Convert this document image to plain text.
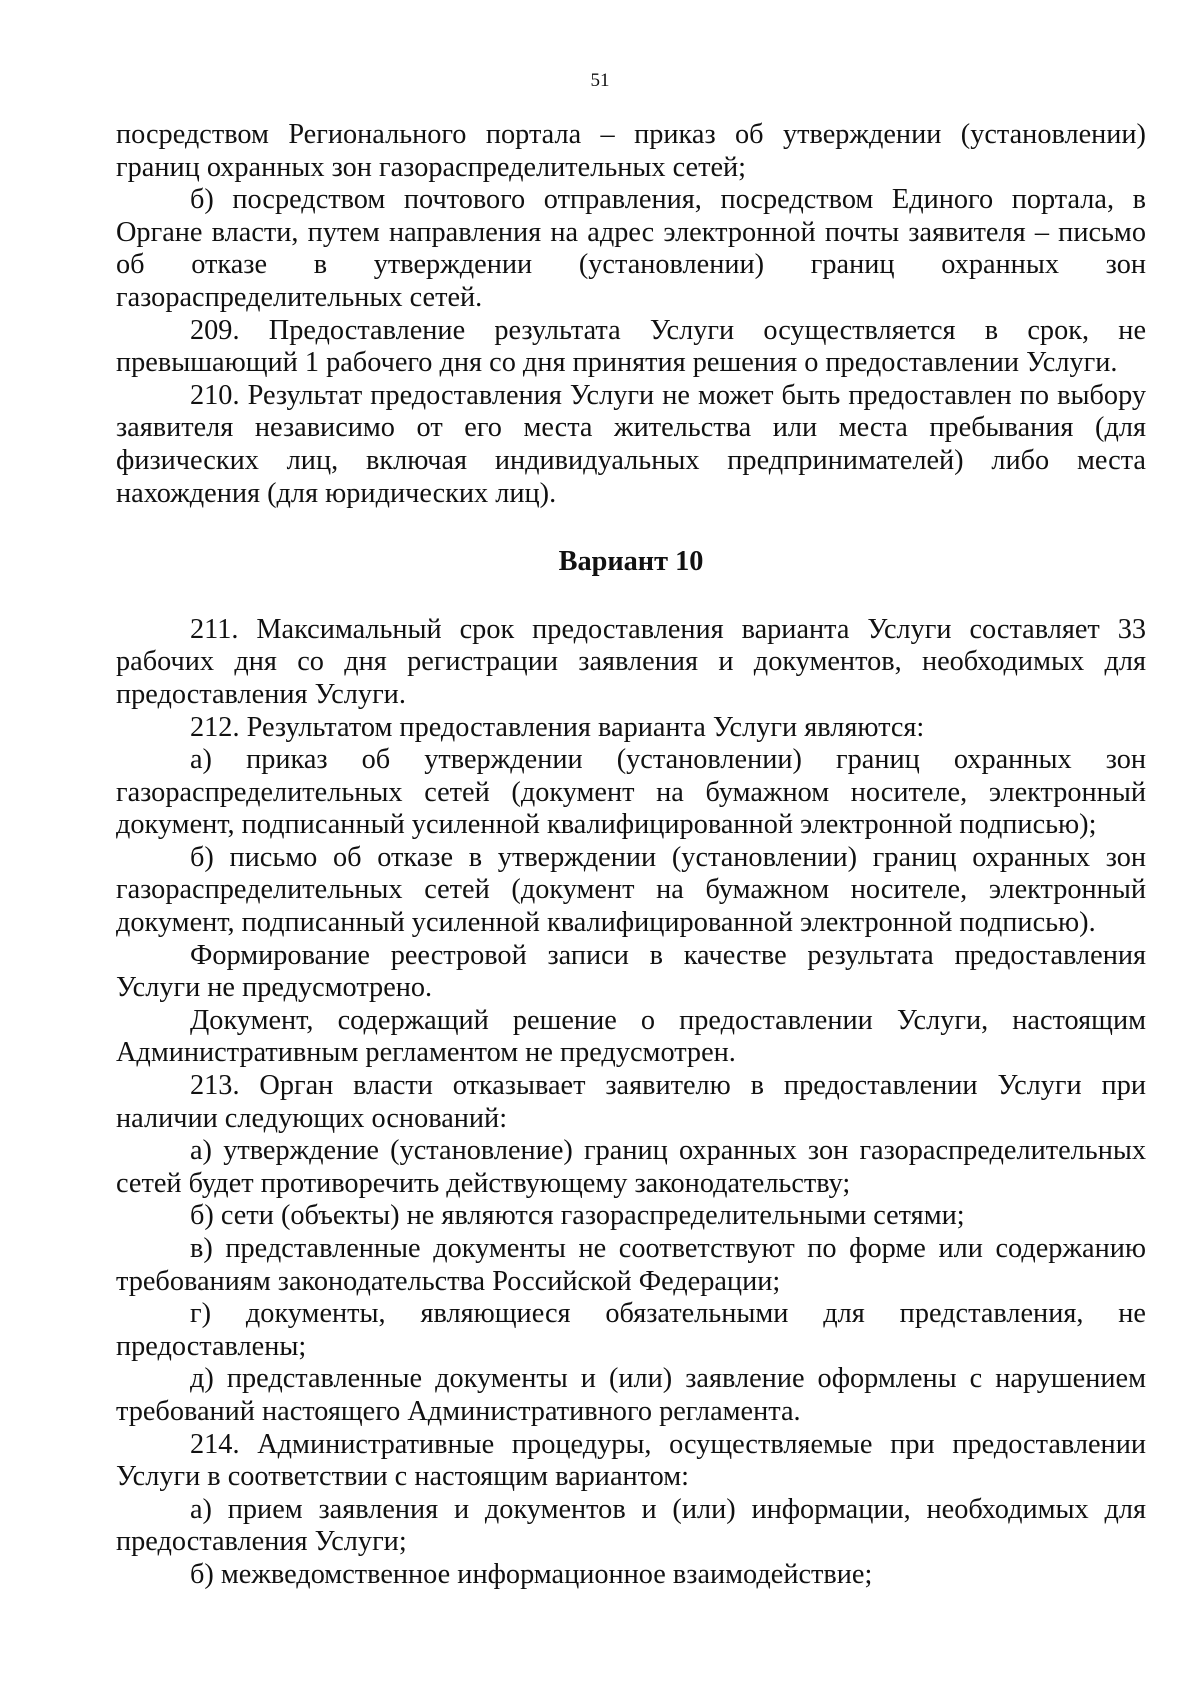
51

посредством Регионального портала – приказ об утверждении (установлении) границ охранных зон газораспределительных сетей;

б) посредством почтового отправления, посредством Единого портала, в Органе власти, путем направления на адрес электронной почты заявителя – письмо об отказе в утверждении (установлении) границ охранных зон газораспределительных сетей.

209. Предоставление результата Услуги осуществляется в срок, не превышающий 1 рабочего дня со дня принятия решения о предоставлении Услуги.

210. Результат предоставления Услуги не может быть предоставлен по выбору заявителя независимо от его места жительства или места пребывания (для физических лиц, включая индивидуальных предпринимателей) либо места нахождения (для юридических лиц).

Вариант 10

211. Максимальный срок предоставления варианта Услуги составляет 33 рабочих дня со дня регистрации заявления и документов, необходимых для предоставления Услуги.

212. Результатом предоставления варианта Услуги являются:

а) приказ об утверждении (установлении) границ охранных зон газораспределительных сетей (документ на бумажном носителе, электронный документ, подписанный усиленной квалифицированной электронной подписью);

б) письмо об отказе в утверждении (установлении) границ охранных зон газораспределительных сетей (документ на бумажном носителе, электронный документ, подписанный усиленной квалифицированной электронной подписью).

Формирование реестровой записи в качестве результата предоставления Услуги не предусмотрено.

Документ, содержащий решение о предоставлении Услуги, настоящим Административным регламентом не предусмотрен.

213. Орган власти отказывает заявителю в предоставлении Услуги при наличии следующих оснований:

а) утверждение (установление) границ охранных зон газораспределительных сетей будет противоречить действующему законодательству;

б) сети (объекты) не являются газораспределительными сетями;

в) представленные документы не соответствуют по форме или содержанию требованиям законодательства Российской Федерации;

г) документы, являющиеся обязательными для представления, не предоставлены;

д) представленные документы и (или) заявление оформлены с нарушением требований настоящего Административного регламента.

214. Административные процедуры, осуществляемые при предоставлении Услуги в соответствии с настоящим вариантом:

а) прием заявления и документов и (или) информации, необходимых для предоставления Услуги;

б) межведомственное информационное взаимодействие;
